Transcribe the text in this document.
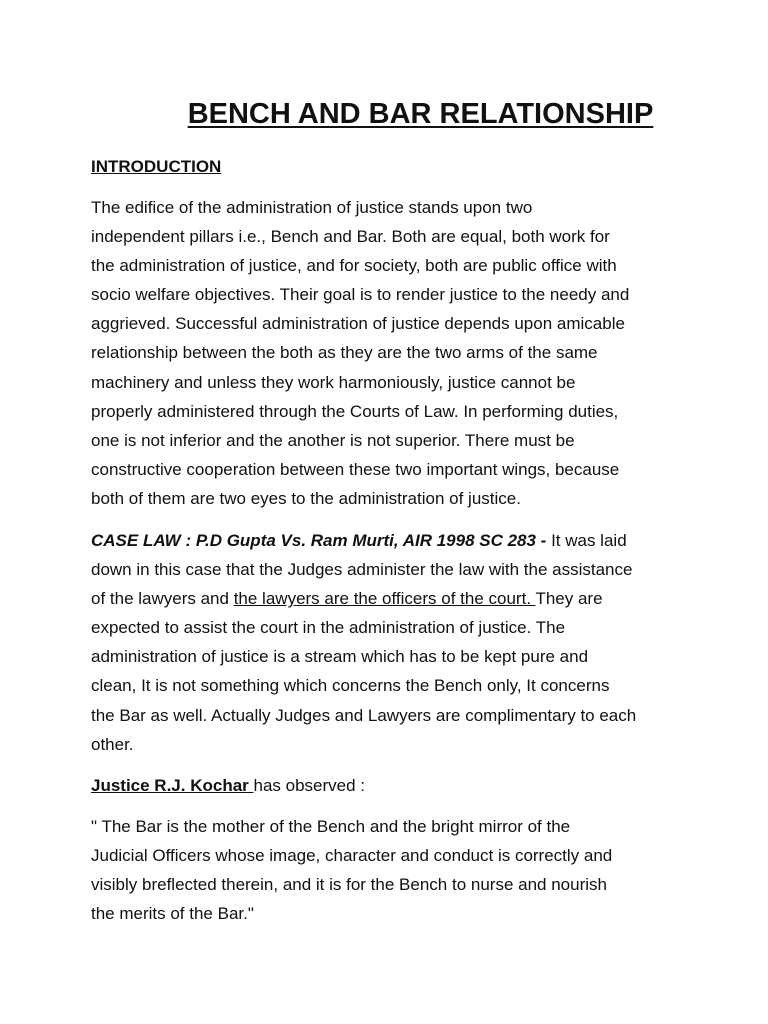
BENCH AND BAR RELATIONSHIP
INTRODUCTION

The edifice of the administration of justice stands upon two
independent pillars i.e., Bench and Bar. Both are equal, both work for
the administration of justice, and for society, both are public office with
socio welfare objectives. Their goal is to render justice to the needy and
aggrieved. Successful administration of justice depends upon amicable
relationship between the both as they are the two arms of the same
machinery and unless they work harmoniously, justice cannot be
properly administered through the Courts of Law. In performing duties,
one is not inferior and the another is not superior. There must be
constructive cooperation between these two important wings, because
both of them are two eyes to the administration of justice.

CASE LAW : P.D Gupta Vs. Ram Murti, AIR 1998 SC 283 - It was laid
down in this case that the Judges administer the law with the assistance
of the lawyers and the lawyers are the officers of the court. They are
expected to assist the court in the administration of justice. The
administration of justice is a stream which has to be kept pure and
clean, It is not something which concerns the Bench only, It concerns
the Bar as well. Actually Judges and Lawyers are complimentary to each
other.

Justice R.J. Kochar has observed :

" The Bar is the mother of the Bench and the bright mirror of the
Judicial Officers whose image, character and conduct is correctly and
visibly breflected therein, and it is for the Bench to nurse and nourish
the merits of the Bar."
